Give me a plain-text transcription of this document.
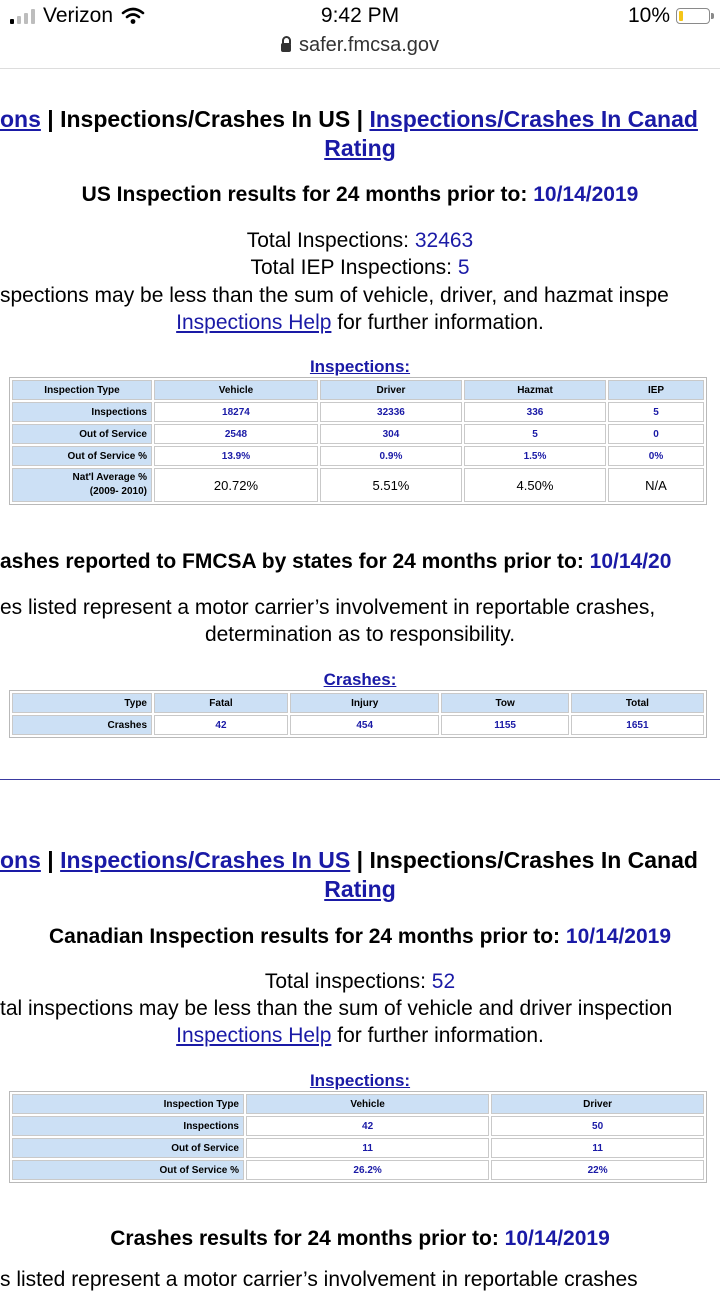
Verizon	9:42 PM	10%
safer.fmcsa.gov
ons | Inspections/Crashes In US | Inspections/Crashes In Canad
Rating
US Inspection results for 24 months prior to: 10/14/2019
Total Inspections: 32463
Total IEP Inspections: 5
spections may be less than the sum of vehicle, driver, and hazmat inspe
Inspections Help for further information.
Inspections:
Inspection Type	Vehicle	Driver	Hazmat	IEP
Inspections	18274	32336	336	5
Out of Service	2548	304	5	0
Out of Service %	13.9%	0.9%	1.5%	0%

Nat'l Average %
(2009- 2010)	20.72%	5.51%	4.50%	N/A
ashes reported to FMCSA by states for 24 months prior to: 10/14/20
es listed represent a motor carrier’s involvement in reportable crashes,
determination as to responsibility.
Crashes:
Type	Fatal	Injury	Tow	Total
Crashes	42	454	1155	1651
ons | Inspections/Crashes In US | Inspections/Crashes In Canad
Rating
Canadian Inspection results for 24 months prior to: 10/14/2019
Total inspections: 52
tal inspections may be less than the sum of vehicle and driver inspection
Inspections Help for further information.
Inspections:
Inspection Type	Vehicle	Driver
Inspections	42	50
Out of Service	11	11
Out of Service %	26.2%	22%
Crashes results for 24 months prior to: 10/14/2019
s listed represent a motor carrier’s involvement in reportable crashes
